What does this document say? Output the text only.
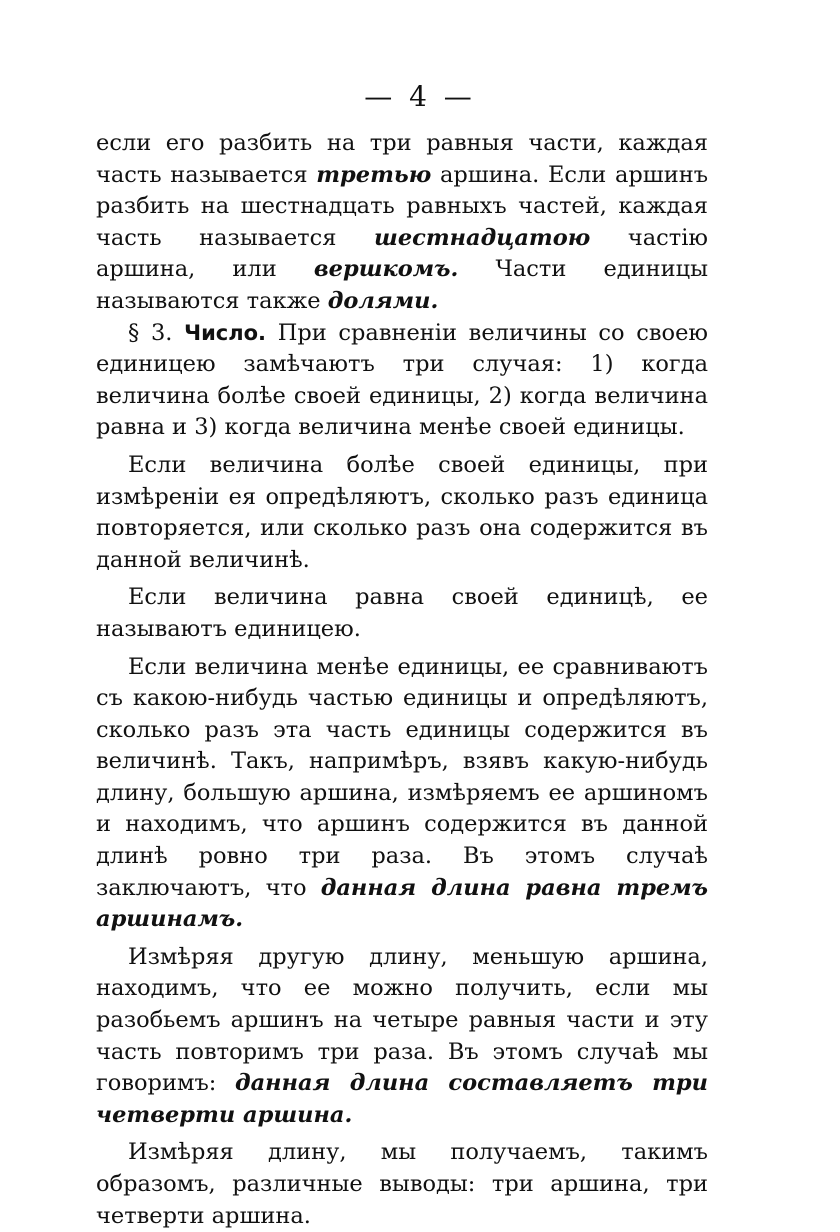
— 4 —

если его разбить на три равныя части, каждая часть называется третью аршина. Если аршинъ разбить на шестнадцать равныхъ частей, каждая часть называется шестнадцатою частію аршина, или вершкомъ. Части единицы называются также долями.

§ 3. Число. При сравненіи величины со своею единицею замѣчаютъ три случая: 1) когда величина болѣе своей единицы, 2) когда величина равна и 3) когда величина менѣе своей единицы.

Если величина болѣе своей единицы, при измѣреніи ея опредѣляютъ, сколько разъ единица повторяется, или сколько разъ она содержится въ данной величинѣ.

Если величина равна своей единицѣ, ее называютъ единицею.

Если величина менѣе единицы, ее сравниваютъ съ какою-нибудь частью единицы и опредѣляютъ, сколько разъ эта часть единицы содержится въ величинѣ. Такъ, напримѣръ, взявъ какую-нибудь длину, большую аршина, измѣряемъ ее аршиномъ и находимъ, что аршинъ содержится въ данной длинѣ ровно три раза. Въ этомъ случаѣ заключаютъ, что данная длина равна тремъ аршинамъ.

Измѣряя другую длину, меньшую аршина, находимъ, что ее можно получить, если мы разобьемъ аршинъ на четыре равныя части и эту часть повторимъ три раза. Въ этомъ случаѣ мы говоримъ: данная длина составляетъ три четверти аршина.

Измѣряя длину, мы получаемъ, такимъ образомъ, различные выводы: три аршина, три четверти аршина.
